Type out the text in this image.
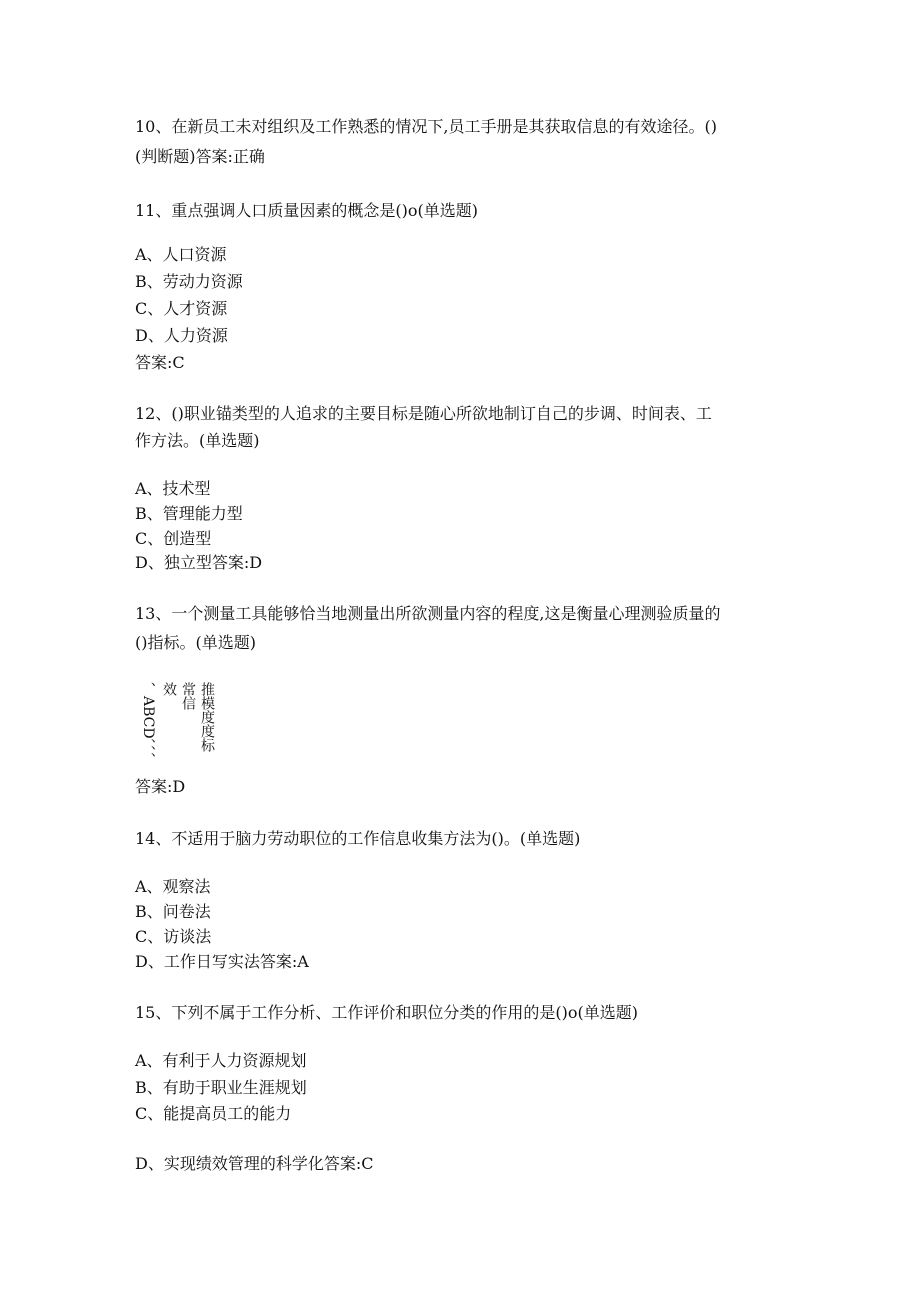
10、在新员工未对组织及工作熟悉的情况下,员工手册是其获取信息的有效途径。()
(判断题)答案:正确
11、重点强调人口质量因素的概念是()o(单选题)
A、人口资源
B、劳动力资源
C、人才资源
D、人力资源
答案:C
12、()职业锚类型的人追求的主要目标是随心所欲地制订自己的步调、时间表、工
作方法。(单选题)
A、技术型
B、管理能力型
C、创造型
D、独立型答案:D
13、一个测量工具能够恰当地测量出所欲测量内容的程度,这是衡量心理测验质量的
()指标。(单选题)
、ABCD、、、 效 常信 推模度度标
答案:D
14、不适用于脑力劳动职位的工作信息收集方法为()。(单选题)
A、观察法
B、问卷法
C、访谈法
D、工作日写实法答案:A
15、下列不属于工作分析、工作评价和职位分类的作用的是()o(单选题)
A、有利于人力资源规划
B、有助于职业生涯规划
C、能提高员工的能力
D、实现绩效管理的科学化答案:C
